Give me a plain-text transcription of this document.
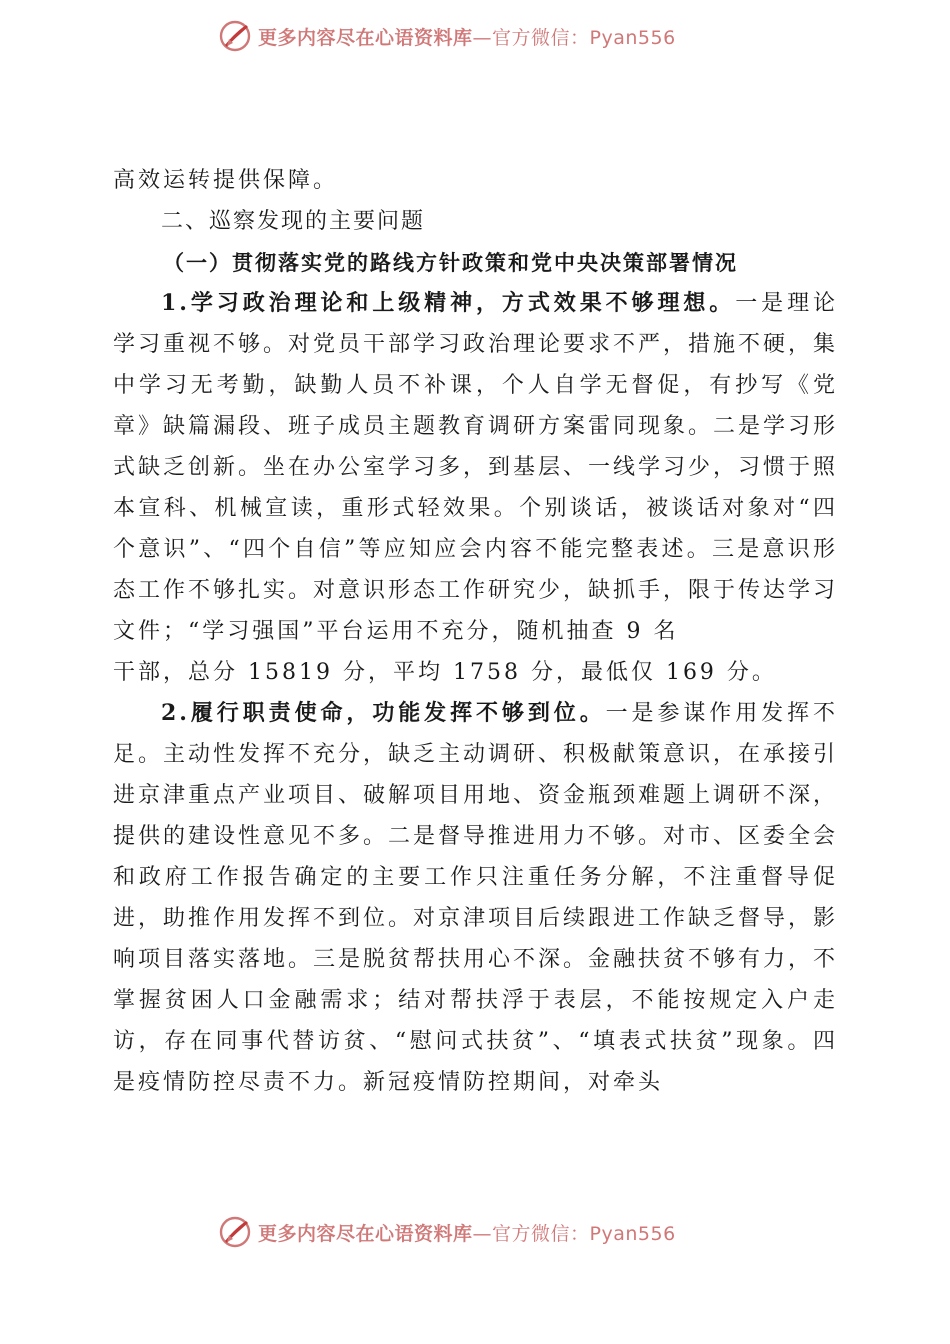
更多内容尽在心语资料库—官方微信：Pyan556

高效运转提供保障。

二、巡察发现的主要问题
（一）贯彻落实党的路线方针政策和党中央决策部署情况

1.学习政治理论和上级精神，方式效果不够理想。一是理论学习重视不够。对党员干部学习政治理论要求不严，措施不硬，集中学习无考勤，缺勤人员不补课，个人自学无督促，有抄写《党章》缺篇漏段、班子成员主题教育调研方案雷同现象。二是学习形式缺乏创新。坐在办公室学习多，到基层、一线学习少，习惯于照本宣科、机械宣读，重形式轻效果。个别谈话，被谈话对象对“四个意识”、“四个自信”等应知应会内容不能完整表述。三是意识形态工作不够扎实。对意识形态工作研究少，缺抓手，限于传达学习文件；“学习强国”平台运用不充分，随机抽查 9 名

干部，总分 15819 分，平均 1758 分，最低仅 169 分。

2.履行职责使命，功能发挥不够到位。一是参谋作用发挥不足。主动性发挥不充分，缺乏主动调研、积极献策意识，在承接引进京津重点产业项目、破解项目用地、资金瓶颈难题上调研不深，提供的建设性意见不多。二是督导推进用力不够。对市、区委全会和政府工作报告确定的主要工作只注重任务分解，不注重督导促进，助推作用发挥不到位。对京津项目后续跟进工作缺乏督导，影响项目落实落地。三是脱贫帮扶用心不深。金融扶贫不够有力，不掌握贫困人口金融需求；结对帮扶浮于表层，不能按规定入户走访，存在同事代替访贫、“慰问式扶贫”、“填表式扶贫”现象。四是疫情防控尽责不力。新冠疫情防控期间，对牵头

更多内容尽在心语资料库—官方微信：Pyan556
